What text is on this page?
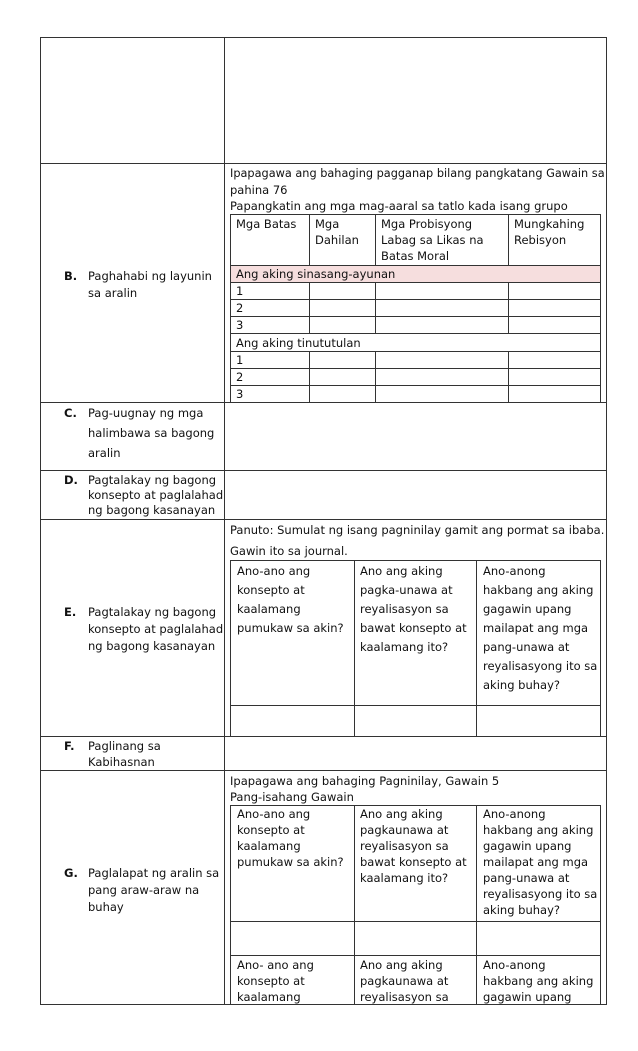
B. Paghahabi ng layunin
sa aralin
Ipapagawa ang bahaging pagganap bilang pangkatang Gawain sa
pahina 76
Papangkatin ang mga mag-aaral sa tatlo kada isang grupo
Mga Batas Mga
Dahilan
Mga Probisyong
Labag sa Likas na
Batas Moral
Mungkahing
Rebisyon
Ang aking sinasang-ayunan
1
2
3
Ang aking tinututulan
1
2
3
C. Pag-uugnay ng mga
halimbawa sa bagong
aralin
D. Pagtalakay ng bagong
konsepto at paglalahad
ng bagong kasanayan
E. Pagtalakay ng bagong
konsepto at paglalahad
ng bagong kasanayan
Panuto: Sumulat ng isang pagninilay gamit ang pormat sa ibaba.
Gawin ito sa journal.
Ano-ano ang
konsepto at
kaalamang
pumukaw sa akin?
Ano ang aking
pagka-unawa at
reyalisasyon sa
bawat konsepto at
kaalamang ito?
Ano-anong
hakbang ang aking
gagawin upang
mailapat ang mga
pang-unawa at
reyalisasyong ito sa
aking buhay?
F. Paglinang sa
Kabihasnan
G. Paglalapat ng aralin sa
pang araw-araw na
buhay
Ipapagawa ang bahaging Pagninilay, Gawain 5
Pang-isahang Gawain
Ano-ano ang
konsepto at
kaalamang
pumukaw sa akin?
Ano ang aking
pagkaunawa at
reyalisasyon sa
bawat konsepto at
kaalamang ito?
Ano-anong
hakbang ang aking
gagawin upang
mailapat ang mga
pang-unawa at
reyalisasyong ito sa
aking buhay?
Ano- ano ang
konsepto at
kaalamang
Ano ang aking
pagkaunawa at
reyalisasyon sa
Ano-anong
hakbang ang aking
gagawin upang
